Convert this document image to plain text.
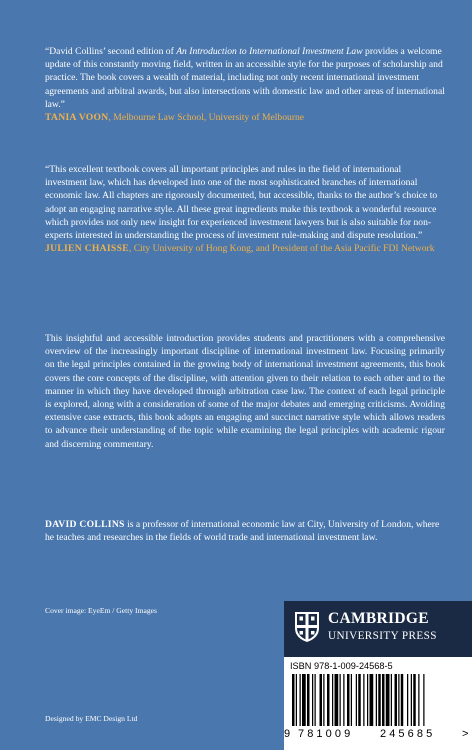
“David Collins’ second edition of An Introduction to International Investment Law provides a welcome update of this constantly moving field, written in an accessible style for the purposes of scholarship and practice. The book covers a wealth of material, including not only recent international investment agreements and arbitral awards, but also intersections with domestic law and other areas of international law.”
TANIA VOON, Melbourne Law School, University of Melbourne
“This excellent textbook covers all important principles and rules in the field of international investment law, which has developed into one of the most sophisticated branches of international economic law. All chapters are rigorously documented, but accessible, thanks to the author’s choice to adopt an engaging narrative style. All these great ingredients make this textbook a wonderful resource which provides not only new insight for experienced investment lawyers but is also suitable for non-experts interested in understanding the process of investment rule-making and dispute resolution.”
JULIEN CHAISSE, City University of Hong Kong, and President of the Asia Pacific FDI Network
This insightful and accessible introduction provides students and practitioners with a comprehensive overview of the increasingly important discipline of international investment law. Focusing primarily on the legal principles contained in the growing body of international investment agreements, this book covers the core concepts of the discipline, with attention given to their relation to each other and to the manner in which they have developed through arbitration case law. The context of each legal principle is explored, along with a consideration of some of the major debates and emerging criticisms. Avoiding extensive case extracts, this book adopts an engaging and succinct narrative style which allows readers to advance their understanding of the topic while examining the legal principles with academic rigour and discerning commentary.
DAVID COLLINS is a professor of international economic law at City, University of London, where he teaches and researches in the fields of world trade and international investment law.
Cover image: EyeEm / Getty Images
Designed by EMC Design Ltd
CAMBRIDGE
UNIVERSITY PRESS
ISBN 978-1-009-24568-5
9 781009 245685 >
